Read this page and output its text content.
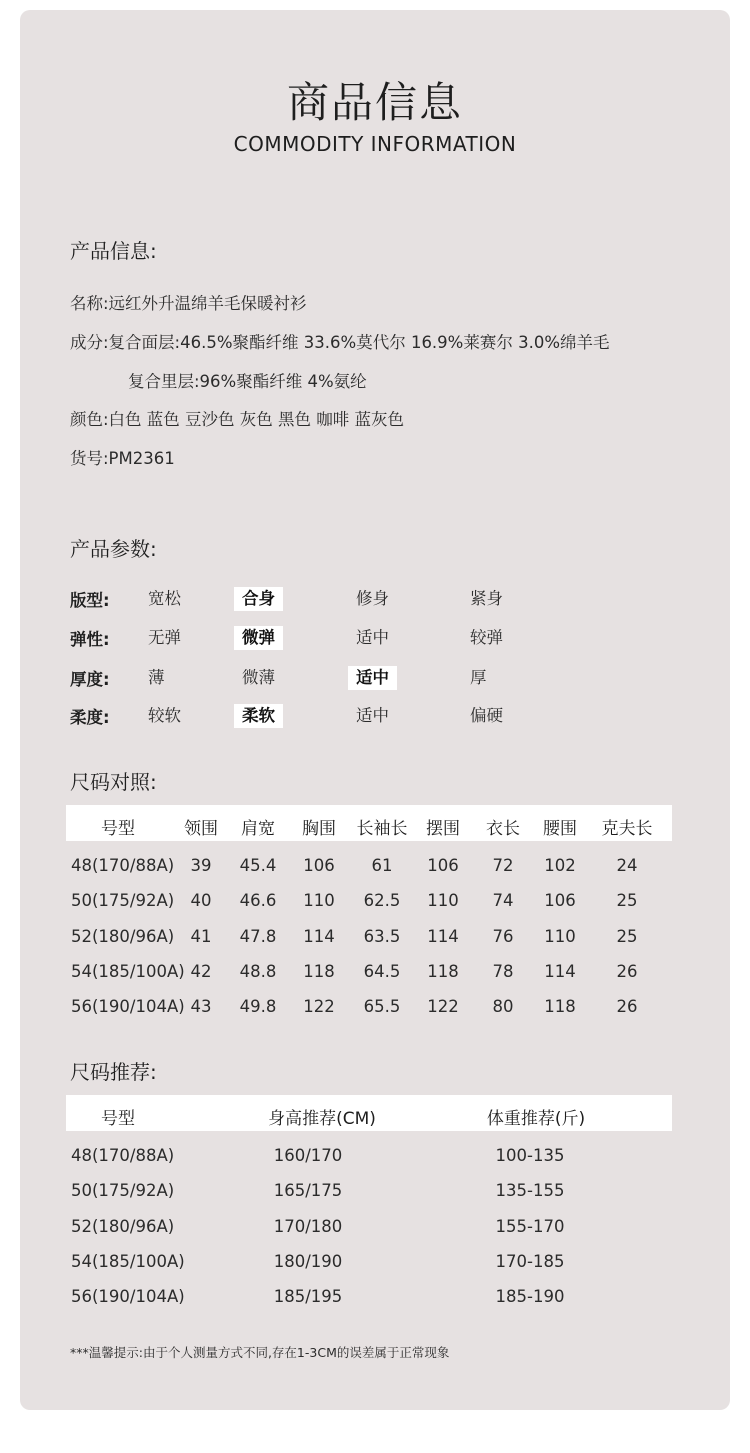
商品信息
COMMODITY INFORMATION
产品信息:
名称:远红外升温绵羊毛保暖衬衫
成分:复合面层:46.5%聚酯纤维 33.6%莫代尔 16.9%莱赛尔 3.0%绵羊毛
复合里层:96%聚酯纤维 4%氨纶
颜色:白色 蓝色 豆沙色 灰色 黑色 咖啡 蓝灰色
货号:PM2361
产品参数:
版型:	宽松	合身	修身	紧身
弹性:	无弹	微弹	适中	较弹
厚度:	薄	微薄	适中	厚
柔度:	较软	柔软	适中	偏硬
尺码对照:
号型	领围 肩宽 胸围 长袖长 摆围 衣长 腰围 克夫长
48(170/88A) 39 45.4 106 61 106 72 102 24
50(175/92A) 40 46.6 110 62.5 110 74 106 25
52(180/96A) 41 47.8 114 63.5 114 76 110 25
54(185/100A) 42 48.8 118 64.5 118 78 114 26
56(190/104A) 43 49.8 122 65.5 122 80 118 26
尺码推荐:
号型	身高推荐(CM)	体重推荐(斤)
48(170/88A)	160/170	100-135
50(175/92A)	165/175	135-155
52(180/96A)	170/180	155-170
54(185/100A)	180/190	170-185
56(190/104A)	185/195	185-190
***温馨提示:由于个人测量方式不同,存在1-3CM的误差属于正常现象
